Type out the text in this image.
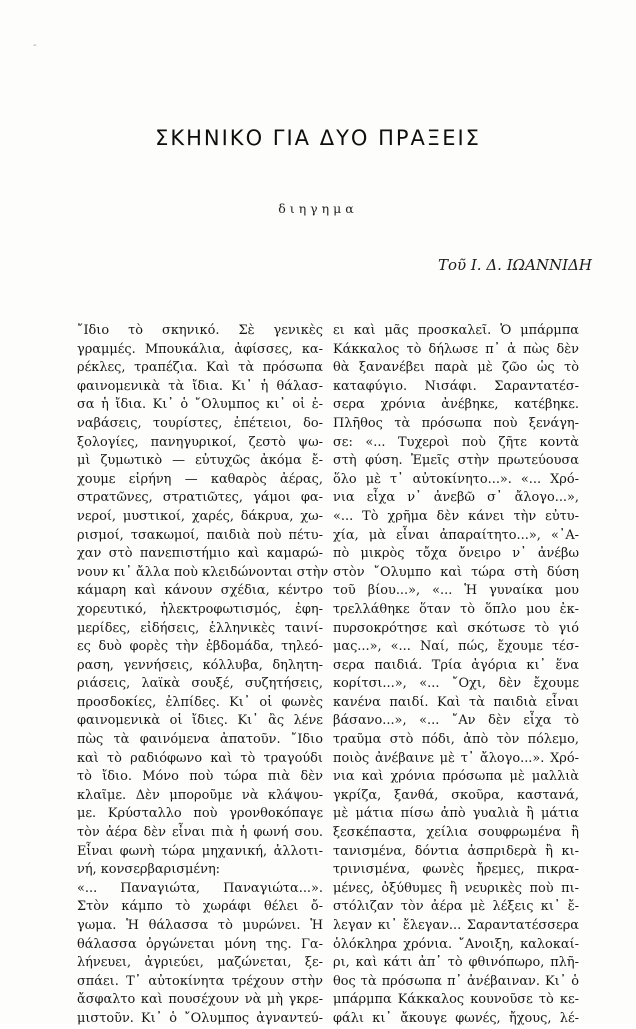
-
ΣΚΗΝΙΚΟ ΓΙΑ ΔΥΟ ΠΡΑΞΕΙΣ
διηγημα
Τοῦ Ι. Δ. ΙΩΑΝΝΙΔΗ
῎Ιδιο τὸ σκηνικό. Σὲ γενικὲς
γραμμές. Μπουκάλια, ἀφίσσες, κα-
ρέκλες, τραπέζια. Καὶ τὰ πρόσωπα
φαινομενικὰ τὰ ἴδια. Κι᾽ ἡ θάλασ-
σα ἡ ἴδια. Κι᾽ ὁ ῎Ολυμπος κι᾽ οἱ ἐ-
ναβάσεις, τουρίστες, ἐπέτειοι, δο-
ξολογίες, πανηγυρικοί, ζεστὸ ψω-
μὶ ζυμωτικὸ — εὐτυχῶς ἀκόμα ἔ-
χουμε εἰρήνη — καθαρὸς ἀέρας,
στρατῶνες, στρατιῶτες, γάμοι φα-
νεροί, μυστικοί, χαρές, δάκρυα, χω-
ρισμοί, τσακωμοί, παιδιὰ ποὺ πέτυ-
χαν στὸ πανεπιστήμιο καὶ καμαρώ-
νουν κι᾽ ἄλλα ποὺ κλειδώνονται στὴν
κάμαρη καὶ κάνουν σχέδια, κέντρο
χορευτικό, ἠλεκτροφωτισμός, ἐφη-
μερίδες, εἰδήσεις, ἑλληνικὲς ταινί-
ες δυὸ φορὲς τὴν ἑβδομάδα, τηλεό-
ραση, γεννήσεις, κόλλυβα, δηλητη-
ριάσεις, λαϊκὰ σουξέ, συζητήσεις,
προσδοκίες, ἐλπίδες. Κι᾽ οἱ φωνὲς
φαινομενικὰ οἱ ἴδιες. Κι᾽ ἂς λένε
πὼς τὰ φαινόμενα ἀπατοῦν. ῎Ιδιο
καὶ τὸ ραδιόφωνο καὶ τὸ τραγούδι
τὸ ἴδιο. Μόνο ποὺ τώρα πιὰ δὲν
κλαῖμε. Δὲν μποροῦμε νὰ κλάψου-
με. Κρύσταλλο ποὺ γρονθοκόπαγε
τὸν ἀέρα δὲν εἶναι πιὰ ἡ φωνή σου.
Εἶναι φωνὴ τώρα μηχανική, ἀλλοτι-
νή, κονσερβαρισμένη:
«... Παναγιώτα, Παναγιώτα...».
Στὸν κάμπο τὸ χωράφι θέλει ὄ-
γωμα. Ἡ θάλασσα τὸ μυρώνει. Ἡ
θάλασσα ὀργώνεται μόνη της. Γα-
λήνευει, ἀγριεύει, μαζώνεται, ξε-
σπάει. Τ᾽ αὐτοκίνητα τρέχουν στὴν
ἄσφαλτο καὶ πουσέχουν νὰ μὴ γκρε-
μιστοῦν. Κι᾽ ὁ ῎Ολυμπος ἀγναντεύ-
ει καὶ μᾶς προσκαλεῖ. Ὁ μπάρμπα
Κάκκαλος τὸ δήλωσε π᾽ ἀ πὼς δὲν
θὰ ξανανέβει παρὰ μὲ ζῶο ὡς τὸ
καταφύγιο. Νισάφι. Σαραντατέσ-
σερα χρόνια ἀνέβηκε, κατέβηκε.
Πλῆθος τὰ πρόσωπα ποὺ ξενάγη-
σε: «... Τυχεροὶ ποὺ ζῆτε κοντὰ
στὴ φύση. Ἐμεῖς στὴν πρωτεύουσα
ὅλο μὲ τ᾽ αὐτοκίνητο...». «... Χρό-
νια εἶχα ν᾽ ἀνεβῶ σ᾽ ἄλογο...»,
«... Τὸ χρῆμα δὲν κάνει τὴν εὐτυ-
χία, μὰ εἶναι ἀπαραίτητο...», «᾽Α-
πὸ μικρὸς τὄχα ὄνειρο ν᾽ ἀνέβω
στὸν ῎Ολυμπο καὶ τώρα στὴ δύση
τοῦ βίου...», «... Ἡ γυναίκα μου
τρελλάθηκε ὅταν τὸ ὅπλο μου ἐκ-
πυρσοκρότησε καὶ σκότωσε τὸ γιό
μας...», «... Ναί, πώς, ἔχουμε τέσ-
σερα παιδιά. Τρία ἀγόρια κι᾽ ἕνα
κορίτσι...», «... ῎Οχι, δὲν ἔχουμε
κανένα παιδί. Καὶ τὰ παιδιὰ εἶναι
βάσανο...», «... ῎Αν δὲν εἶχα τὸ
τραῦμα στὸ πόδι, ἀπὸ τὸν πόλεμο,
ποιὸς ἀνέβαινε μὲ τ᾽ ἄλογο...». Χρό-
νια καὶ χρόνια πρόσωπα μὲ μαλλιὰ
γκρίζα, ξανθά, σκοῦρα, καστανά,
μὲ μάτια πίσω ἀπὸ γυαλιὰ ἢ μάτια
ξεσκέπαστα, χείλια σουφρωμένα ἢ
τανισμένα, δόντια ἀσπριδερὰ ἢ κι-
τρινισμένα, φωνὲς ἤρεμες, πικρα-
μένες, ὀξύθυμες ἢ νευρικὲς ποὺ πι-
στόλιζαν τὸν ἀέρα μὲ λέξεις κι᾽ ἔ-
λεγαν κι᾽ ἔλεγαν... Σαραντατέσσερα
ὁλόκληρα χρόνια. ῎Ανοιξη, καλοκαί-
ρι, καὶ κάτι ἀπ᾽ τὸ φθινόπωρο, πλῆ-
θος τὰ πρόσωπα π᾽ ἀνέβαιναν. Κι᾽ ὁ
μπάρμπα Κάκκαλος κουνοῦσε τὸ κε-
φάλι κι᾽ ἄκουγε φωνές, ἤχους, λέ-
